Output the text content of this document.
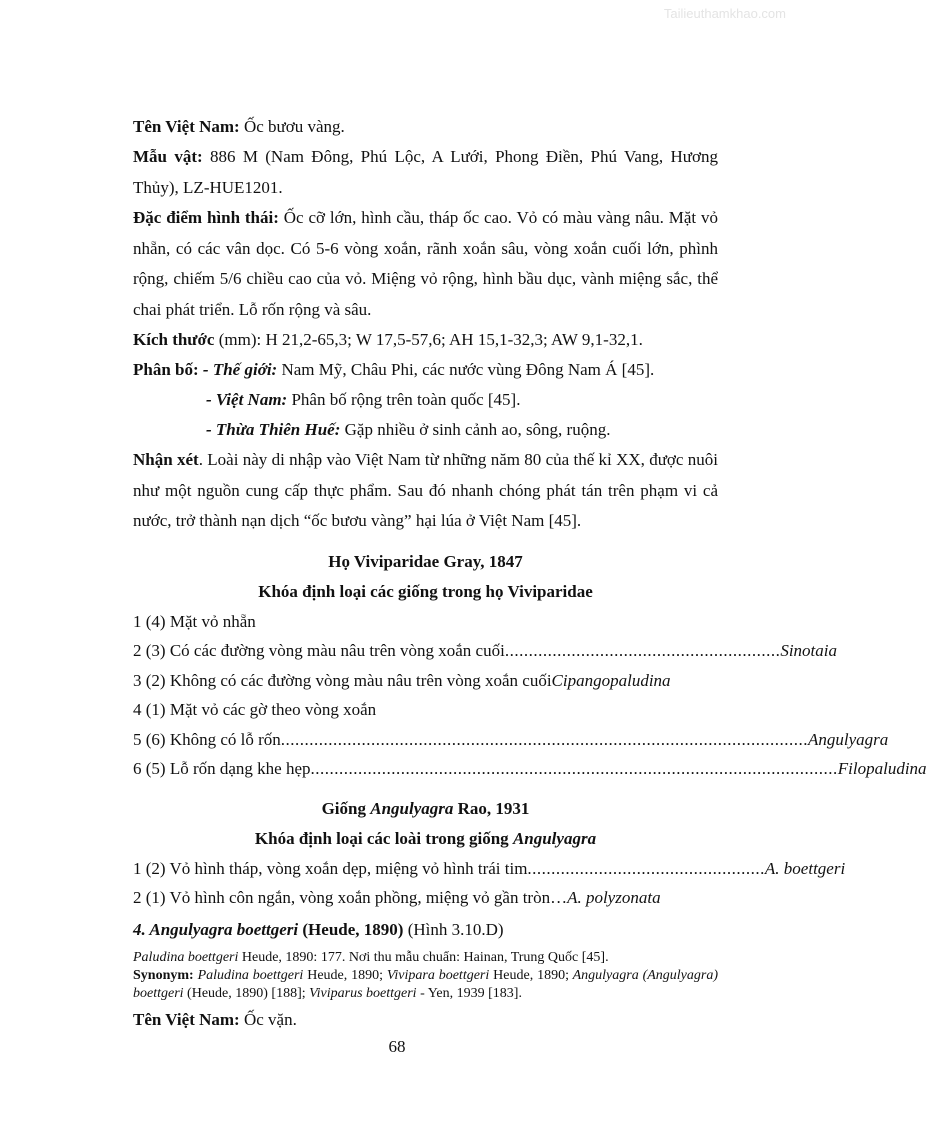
Tailieuthamkhao.com
Tên Việt Nam: Ốc bươu vàng.
Mẫu vật: 886 M (Nam Đông, Phú Lộc, A Lưới, Phong Điền, Phú Vang, Hương Thủy), LZ-HUE1201.
Đặc điểm hình thái: Ốc cỡ lớn, hình cầu, tháp ốc cao. Vỏ có màu vàng nâu. Mặt vỏ nhẵn, có các vân dọc. Có 5-6 vòng xoắn, rãnh xoắn sâu, vòng xoắn cuối lớn, phình rộng, chiếm 5/6 chiều cao của vỏ. Miệng vỏ rộng, hình bầu dục, vành miệng sắc, thể chai phát triển. Lỗ rốn rộng và sâu.
Kích thước (mm): H 21,2-65,3; W 17,5-57,6; AH 15,1-32,3; AW 9,1-32,1.
Phân bố: - Thế giới: Nam Mỹ, Châu Phi, các nước vùng Đông Nam Á [45].
- Việt Nam: Phân bố rộng trên toàn quốc [45].
- Thừa Thiên Huế: Gặp nhiều ở sinh cảnh ao, sông, ruộng.
Nhận xét. Loài này di nhập vào Việt Nam từ những năm 80 của thế kỉ XX, được nuôi như một nguồn cung cấp thực phẩm. Sau đó nhanh chóng phát tán trên phạm vi cả nước, trở thành nạn dịch “ốc bươu vàng” hại lúa ở Việt Nam [45].
Họ Viviparidae Gray, 1847
Khóa định loại các giống trong họ Viviparidae
1 (4) Mặt vỏ nhẵn
2 (3) Có các đường vòng màu nâu trên vòng xoắn cuối .......................................................... Sinotaia
3 (2) Không có các đường vòng màu nâu trên vòng xoắn cuối Cipangopaludina
4 (1) Mặt vỏ các gờ theo vòng xoắn
5 (6) Không có lỗ rốn ............................................................................................................... Angulyagra
6 (5) Lỗ rốn dạng khe hẹp ............................................................................................................... Filopaludina
Giống Angulyagra Rao, 1931
Khóa định loại các loài trong giống Angulyagra
1 (2) Vỏ hình tháp, vòng xoắn dẹp, miệng vỏ hình trái tim .................................................. A. boettgeri
2 (1) Vỏ hình côn ngắn, vòng xoắn phồng, miệng vỏ gần tròn… A. polyzonata
4. Angulyagra boettgeri (Heude, 1890) (Hình 3.10.D)
Paludina boettgeri Heude, 1890: 177. Nơi thu mẫu chuẩn: Hainan, Trung Quốc [45].
Synonym: Paludina boettgeri Heude, 1890; Vivipara boettgeri Heude, 1890; Angulyagra (Angulyagra) boettgeri (Heude, 1890) [188]; Viviparus boettgeri - Yen, 1939 [183].
Tên Việt Nam: Ốc vặn.
68
